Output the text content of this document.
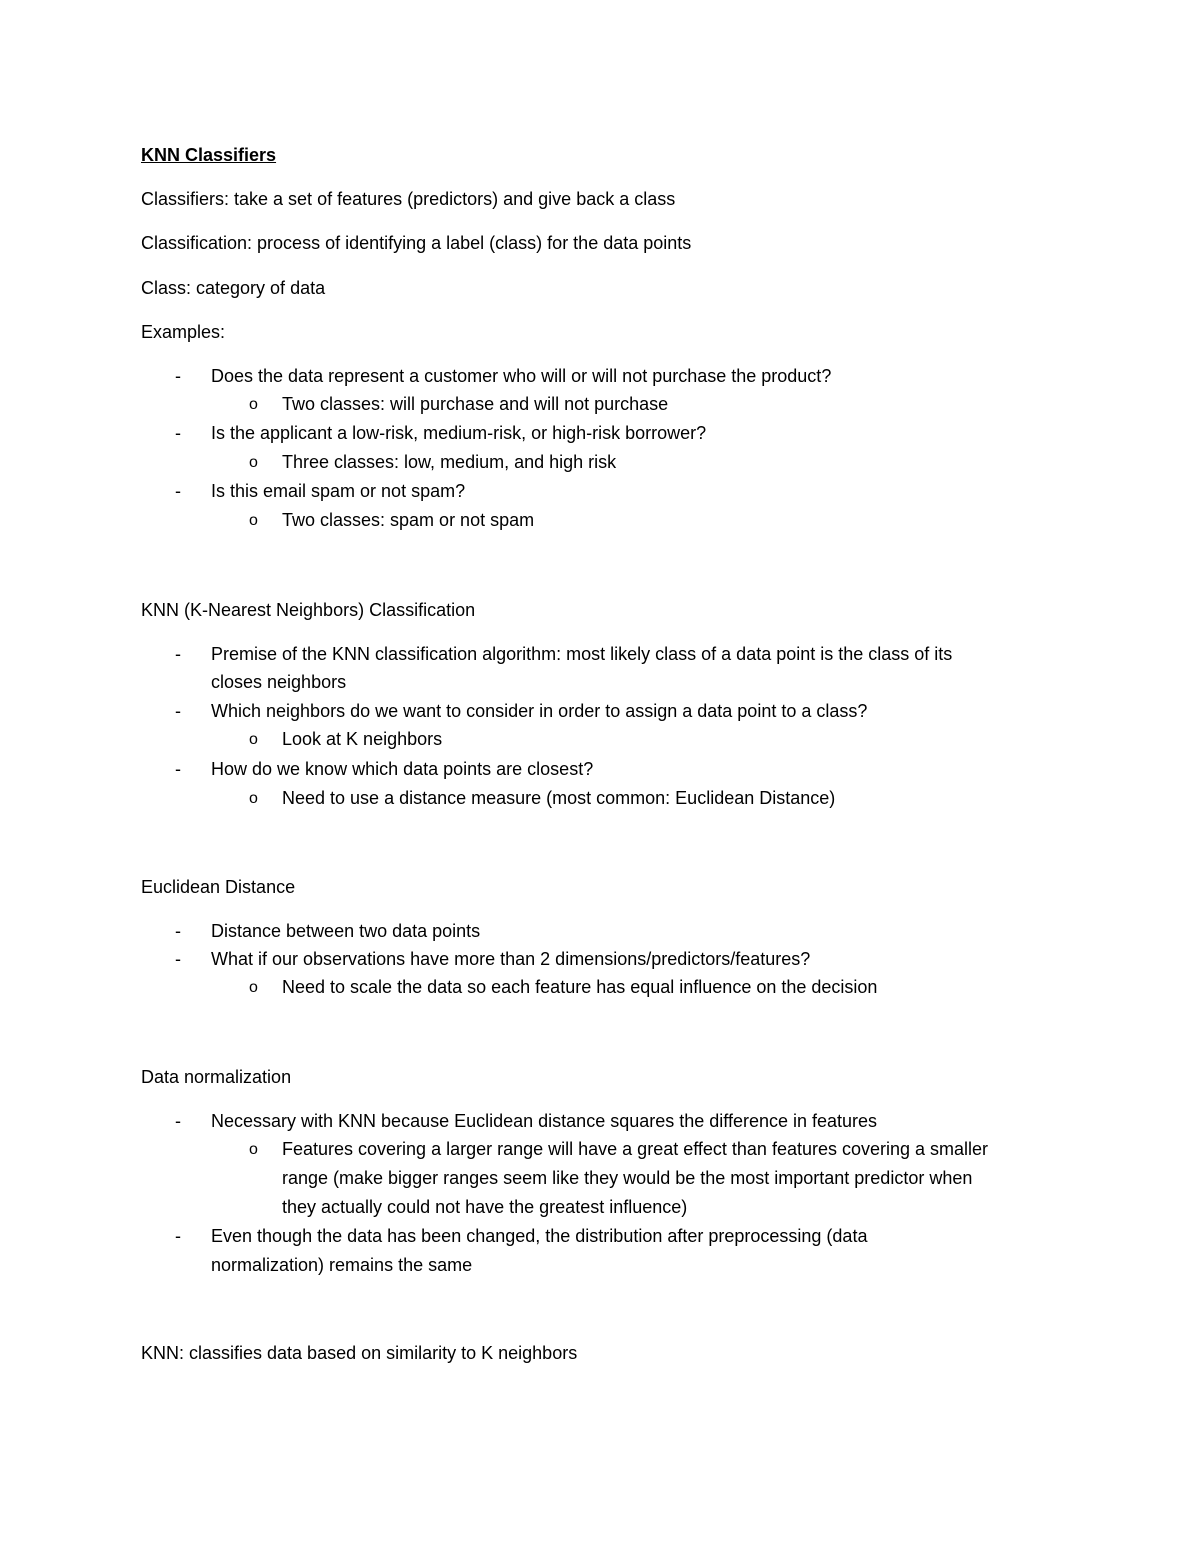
KNN Classifiers
Classifiers: take a set of features (predictors) and give back a class
Classification: process of identifying a label (class) for the data points
Class: category of data
Examples:
- Does the data represent a customer who will or will not purchase the product?
o Two classes: will purchase and will not purchase
- Is the applicant a low-risk, medium-risk, or high-risk borrower?
o Three classes: low, medium, and high risk
- Is this email spam or not spam?
o Two classes: spam or not spam
KNN (K-Nearest Neighbors) Classification
- Premise of the KNN classification algorithm: most likely class of a data point is the class of its
closes neighbors
- Which neighbors do we want to consider in order to assign a data point to a class?
o Look at K neighbors
- How do we know which data points are closest?
o Need to use a distance measure (most common: Euclidean Distance)
Euclidean Distance
- Distance between two data points
- What if our observations have more than 2 dimensions/predictors/features?
o Need to scale the data so each feature has equal influence on the decision
Data normalization
- Necessary with KNN because Euclidean distance squares the difference in features
o Features covering a larger range will have a great effect than features covering a smaller
range (make bigger ranges seem like they would be the most important predictor when
they actually could not have the greatest influence)
- Even though the data has been changed, the distribution after preprocessing (data
normalization) remains the same
KNN: classifies data based on similarity to K neighbors
